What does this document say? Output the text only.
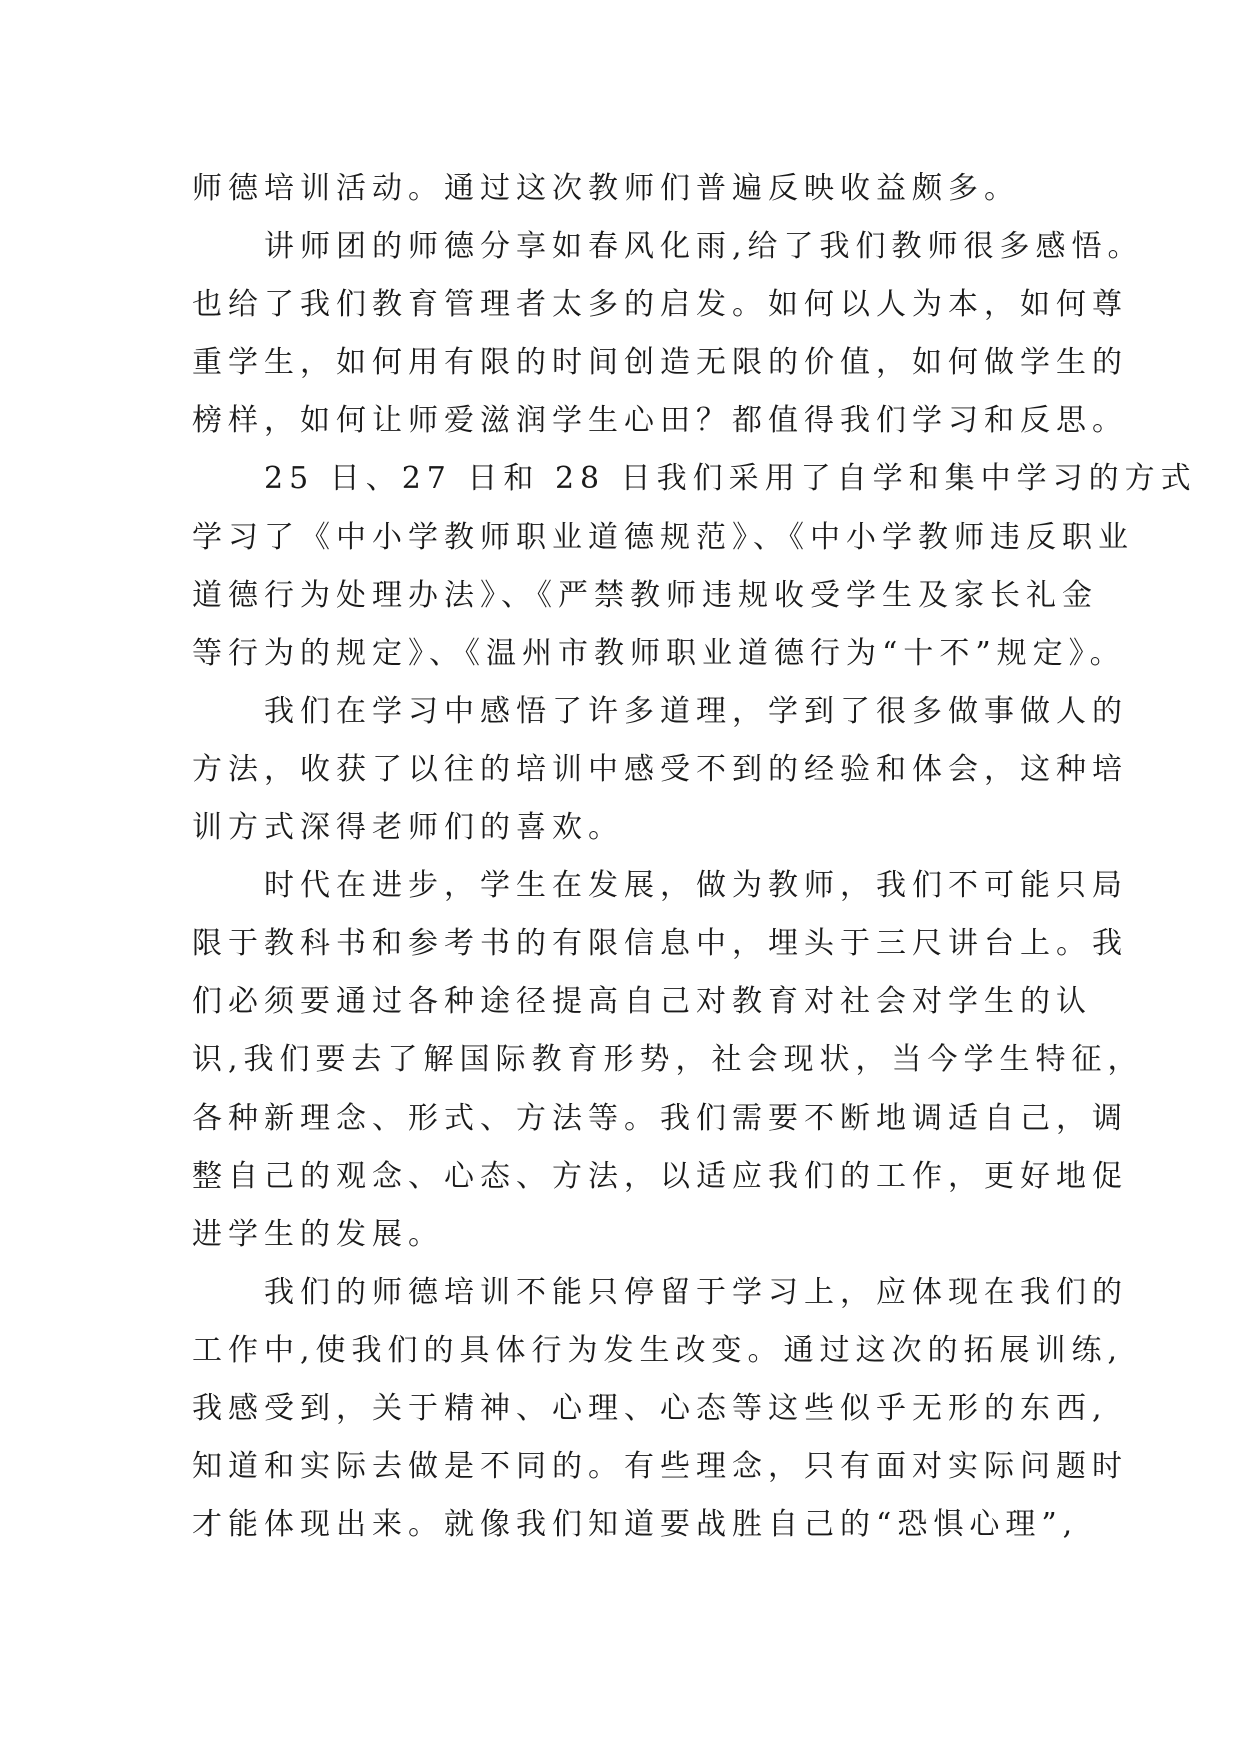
师德培训活动。通过这次教师们普遍反映收益颇多。
　　讲师团的师德分享如春风化雨,给了我们教师很多感悟。
也给了我们教育管理者太多的启发。如何以人为本，如何尊
重学生，如何用有限的时间创造无限的价值，如何做学生的
榜样，如何让师爱滋润学生心田？都值得我们学习和反思。
　　25 日、27 日和 28 日我们采用了自学和集中学习的方式
学习了《中小学教师职业道德规范》、《中小学教师违反职业
道德行为处理办法》、《严禁教师违规收受学生及家长礼金
等行为的规定》、《温州市教师职业道德行为“十不”规定》。
　　我们在学习中感悟了许多道理，学到了很多做事做人的
方法，收获了以往的培训中感受不到的经验和体会，这种培
训方式深得老师们的喜欢。
　　时代在进步，学生在发展，做为教师，我们不可能只局
限于教科书和参考书的有限信息中，埋头于三尺讲台上。我
们必须要通过各种途径提高自己对教育对社会对学生的认
识,我们要去了解国际教育形势，社会现状，当今学生特征，
各种新理念、形式、方法等。我们需要不断地调适自己，调
整自己的观念、心态、方法，以适应我们的工作，更好地促
进学生的发展。
　　我们的师德培训不能只停留于学习上，应体现在我们的
工作中,使我们的具体行为发生改变。通过这次的拓展训练,
我感受到，关于精神、心理、心态等这些似乎无形的东西,
知道和实际去做是不同的。有些理念，只有面对实际问题时
才能体现出来。就像我们知道要战胜自己的“恐惧心理”,
